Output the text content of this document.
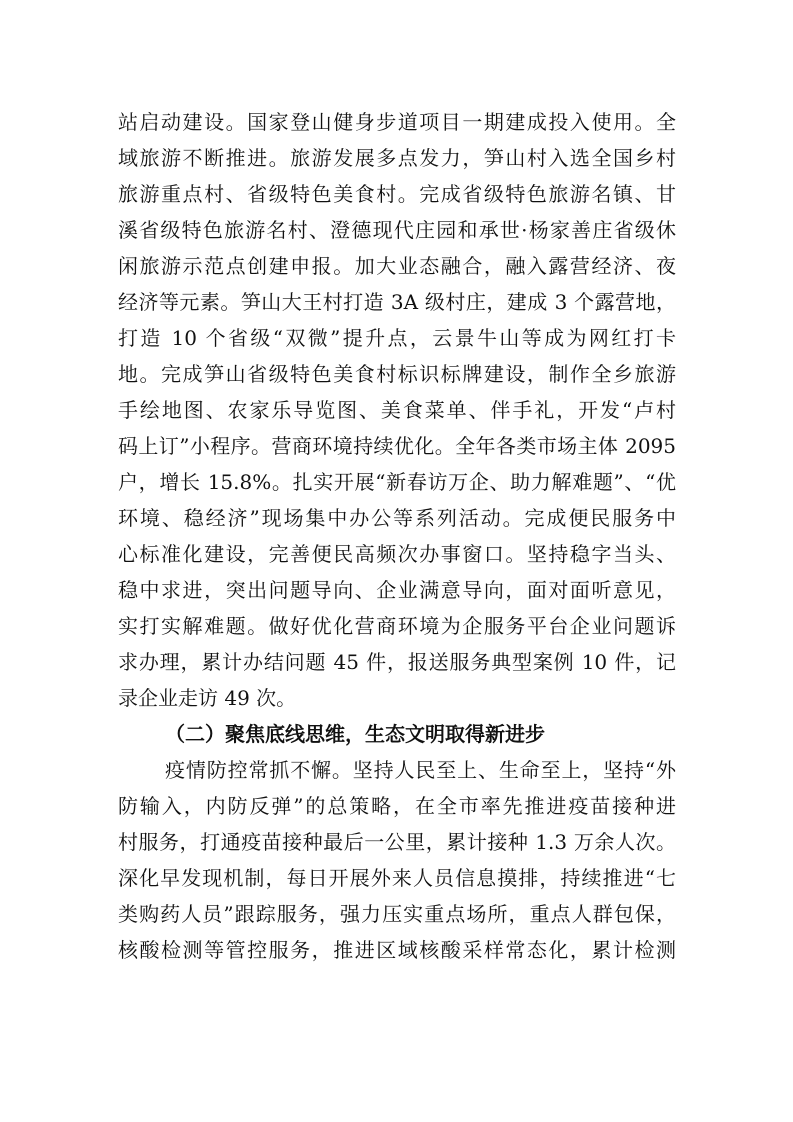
站启动建设。国家登山健身步道项目一期建成投入使用。全
域旅游不断推进。旅游发展多点发力，笋山村入选全国乡村
旅游重点村、省级特色美食村。完成省级特色旅游名镇、甘
溪省级特色旅游名村、澄德现代庄园和承世·杨家善庄省级休
闲旅游示范点创建申报。加大业态融合，融入露营经济、夜
经济等元素。笋山大王村打造 3A 级村庄，建成 3 个露营地，
打造 10 个省级“双微”提升点，云景牛山等成为网红打卡
地。完成笋山省级特色美食村标识标牌建设，制作全乡旅游
手绘地图、农家乐导览图、美食菜单、伴手礼，开发“卢村
码上订”小程序。营商环境持续优化。全年各类市场主体 2095
户，增长 15.8%。扎实开展“新春访万企、助力解难题”、“优
环境、稳经济”现场集中办公等系列活动。完成便民服务中
心标准化建设，完善便民高频次办事窗口。坚持稳字当头、
稳中求进，突出问题导向、企业满意导向，面对面听意见，
实打实解难题。做好优化营商环境为企服务平台企业问题诉
求办理，累计办结问题 45 件，报送服务典型案例 10 件，记
录企业走访 49 次。
（二）聚焦底线思维，生态文明取得新进步
疫情防控常抓不懈。坚持人民至上、生命至上，坚持“外
防输入，内防反弹”的总策略，在全市率先推进疫苗接种进
村服务，打通疫苗接种最后一公里，累计接种 1.3 万余人次。
深化早发现机制，每日开展外来人员信息摸排，持续推进“七
类购药人员”跟踪服务，强力压实重点场所，重点人群包保，
核酸检测等管控服务，推进区域核酸采样常态化，累计检测
